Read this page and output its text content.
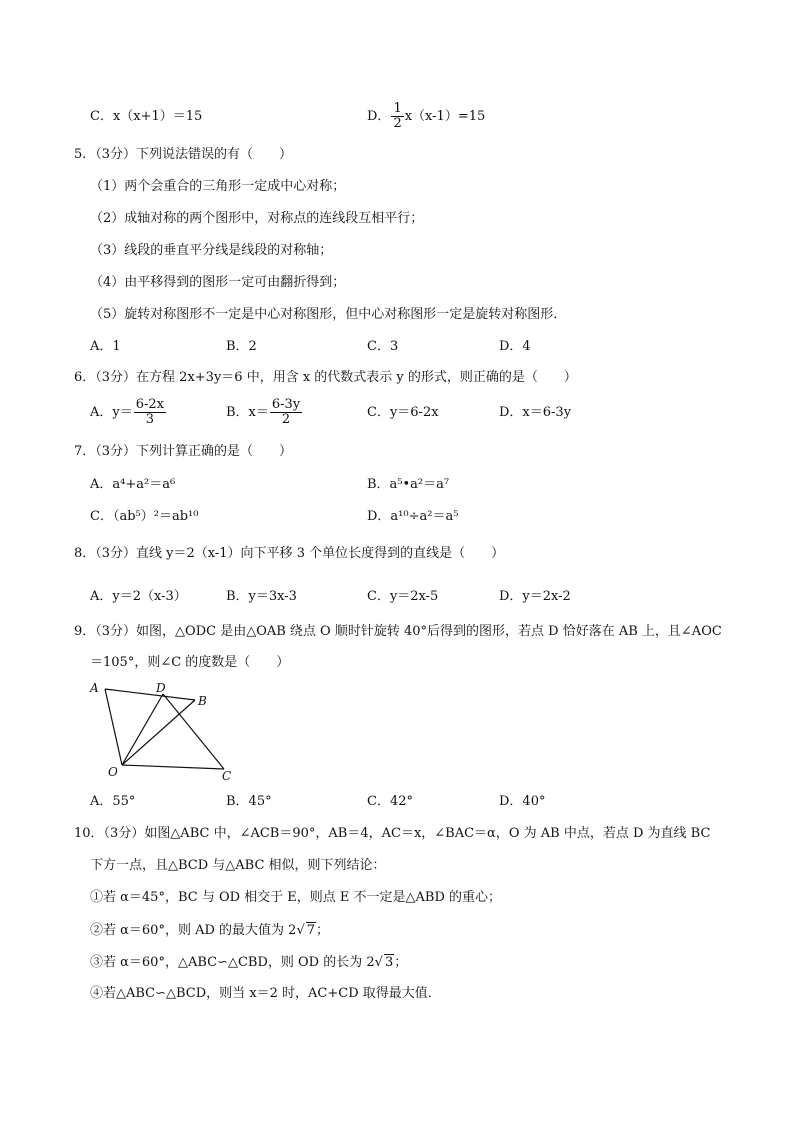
C．x（x+1）＝15	D． $\frac{1}{2} x(x-1)=15$
5．（3分）下列说法错误的有（　　）
（1）两个会重合的三角形一定成中心对称；
（2）成轴对称的两个图形中，对称点的连线段互相平行；
（3）线段的垂直平分线是线段的对称轴；
（4）由平移得到的图形一定可由翻折得到；
（5）旋转对称图形不一定是中心对称图形，但中心对称图形一定是旋转对称图形．
A．1	B．2	C．3	D．4
6．（3分）在方程 2x+3y＝6 中，用含 x 的代数式表示 y 的形式，则正确的是（　　）
A．$y= \frac{6-2x}{3}$	B．$x= \frac{6-3y}{2}$	C．y＝6-2x	D．x＝6-3y
7．（3分）下列计算正确的是（　　）
A．a⁴+a²＝a⁶	B．a⁵•a²＝a⁷
C．（ab⁵）²＝ab¹⁰	D．a¹⁰÷a²＝a⁵
8．（3分）直线 y＝2（x-1）向下平移 3 个单位长度得到的直线是（　　）
A．y＝2（x-3）	B．y＝3x-3	C．y＝2x-5	D．y＝2x-2
9．（3分）如图，△ODC 是由△OAB 绕点 O 顺时针旋转 40°后得到的图形，若点 D 恰好落在 AB 上，且∠AOC
＝105°，则∠C 的度数是（　　）
A	D
B
O	C
A．55°	B．45°	C．42°	D．40°
10．（3分）如图△ABC 中，∠ACB＝90°，AB＝4，AC＝x，∠BAC＝α，O 为 AB 中点，若点 D 为直线 BC
下方一点，且△BCD 与△ABC 相似，则下列结论：
①若 α＝45°，BC 与 OD 相交于 E，则点 E 不一定是△ABD 的重心；
②若 α＝60°，则 AD 的最大值为 2√ 7；
③若 α＝60°，△ABC∽△CBD，则 OD 的长为 2√ 3；
④若△ABC∽△BCD，则当 x＝2 时，AC+CD 取得最大值．
